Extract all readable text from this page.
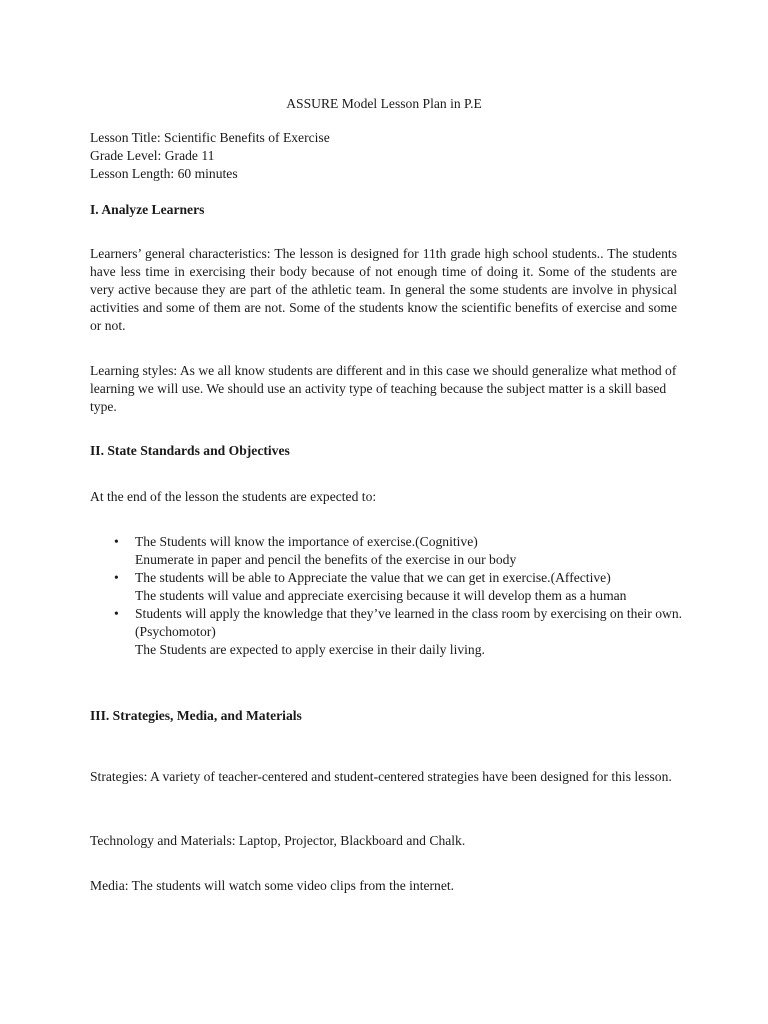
ASSURE Model Lesson Plan in P.E
Lesson Title: Scientific Benefits of Exercise
Grade Level: Grade 11
Lesson Length: 60 minutes
I. Analyze Learners
Learners’ general characteristics: The lesson is designed for 11th grade high school students.. The students have less time in exercising their body because of not enough time of doing it. Some of the students are very active because they are part of the athletic team. In general the some students are involve in physical activities and some of them are not. Some of the students know the scientific benefits of exercise and some or not.
Learning styles: As we all know students are different and in this case we should generalize what method of learning we will use. We should use an activity type of teaching because the subject matter is a skill based type.
II. State Standards and Objectives
At the end of the lesson the students are expected to:
•	The Students will know the importance of exercise.(Cognitive)
Enumerate in paper and pencil the benefits of the exercise in our body
•	The students will be able to Appreciate the value that we can get in exercise.(Affective)
The students will value and appreciate exercising because it will develop them as a human
•	Students will apply the knowledge that they’ve learned in the class room by exercising on their own.(Psychomotor)
The Students are expected to apply exercise in their daily living.
III. Strategies, Media, and Materials
Strategies: A variety of teacher-centered and student-centered strategies have been designed for this lesson.
Technology and Materials: Laptop, Projector, Blackboard and Chalk.
Media: The students will watch some video clips from the internet.
